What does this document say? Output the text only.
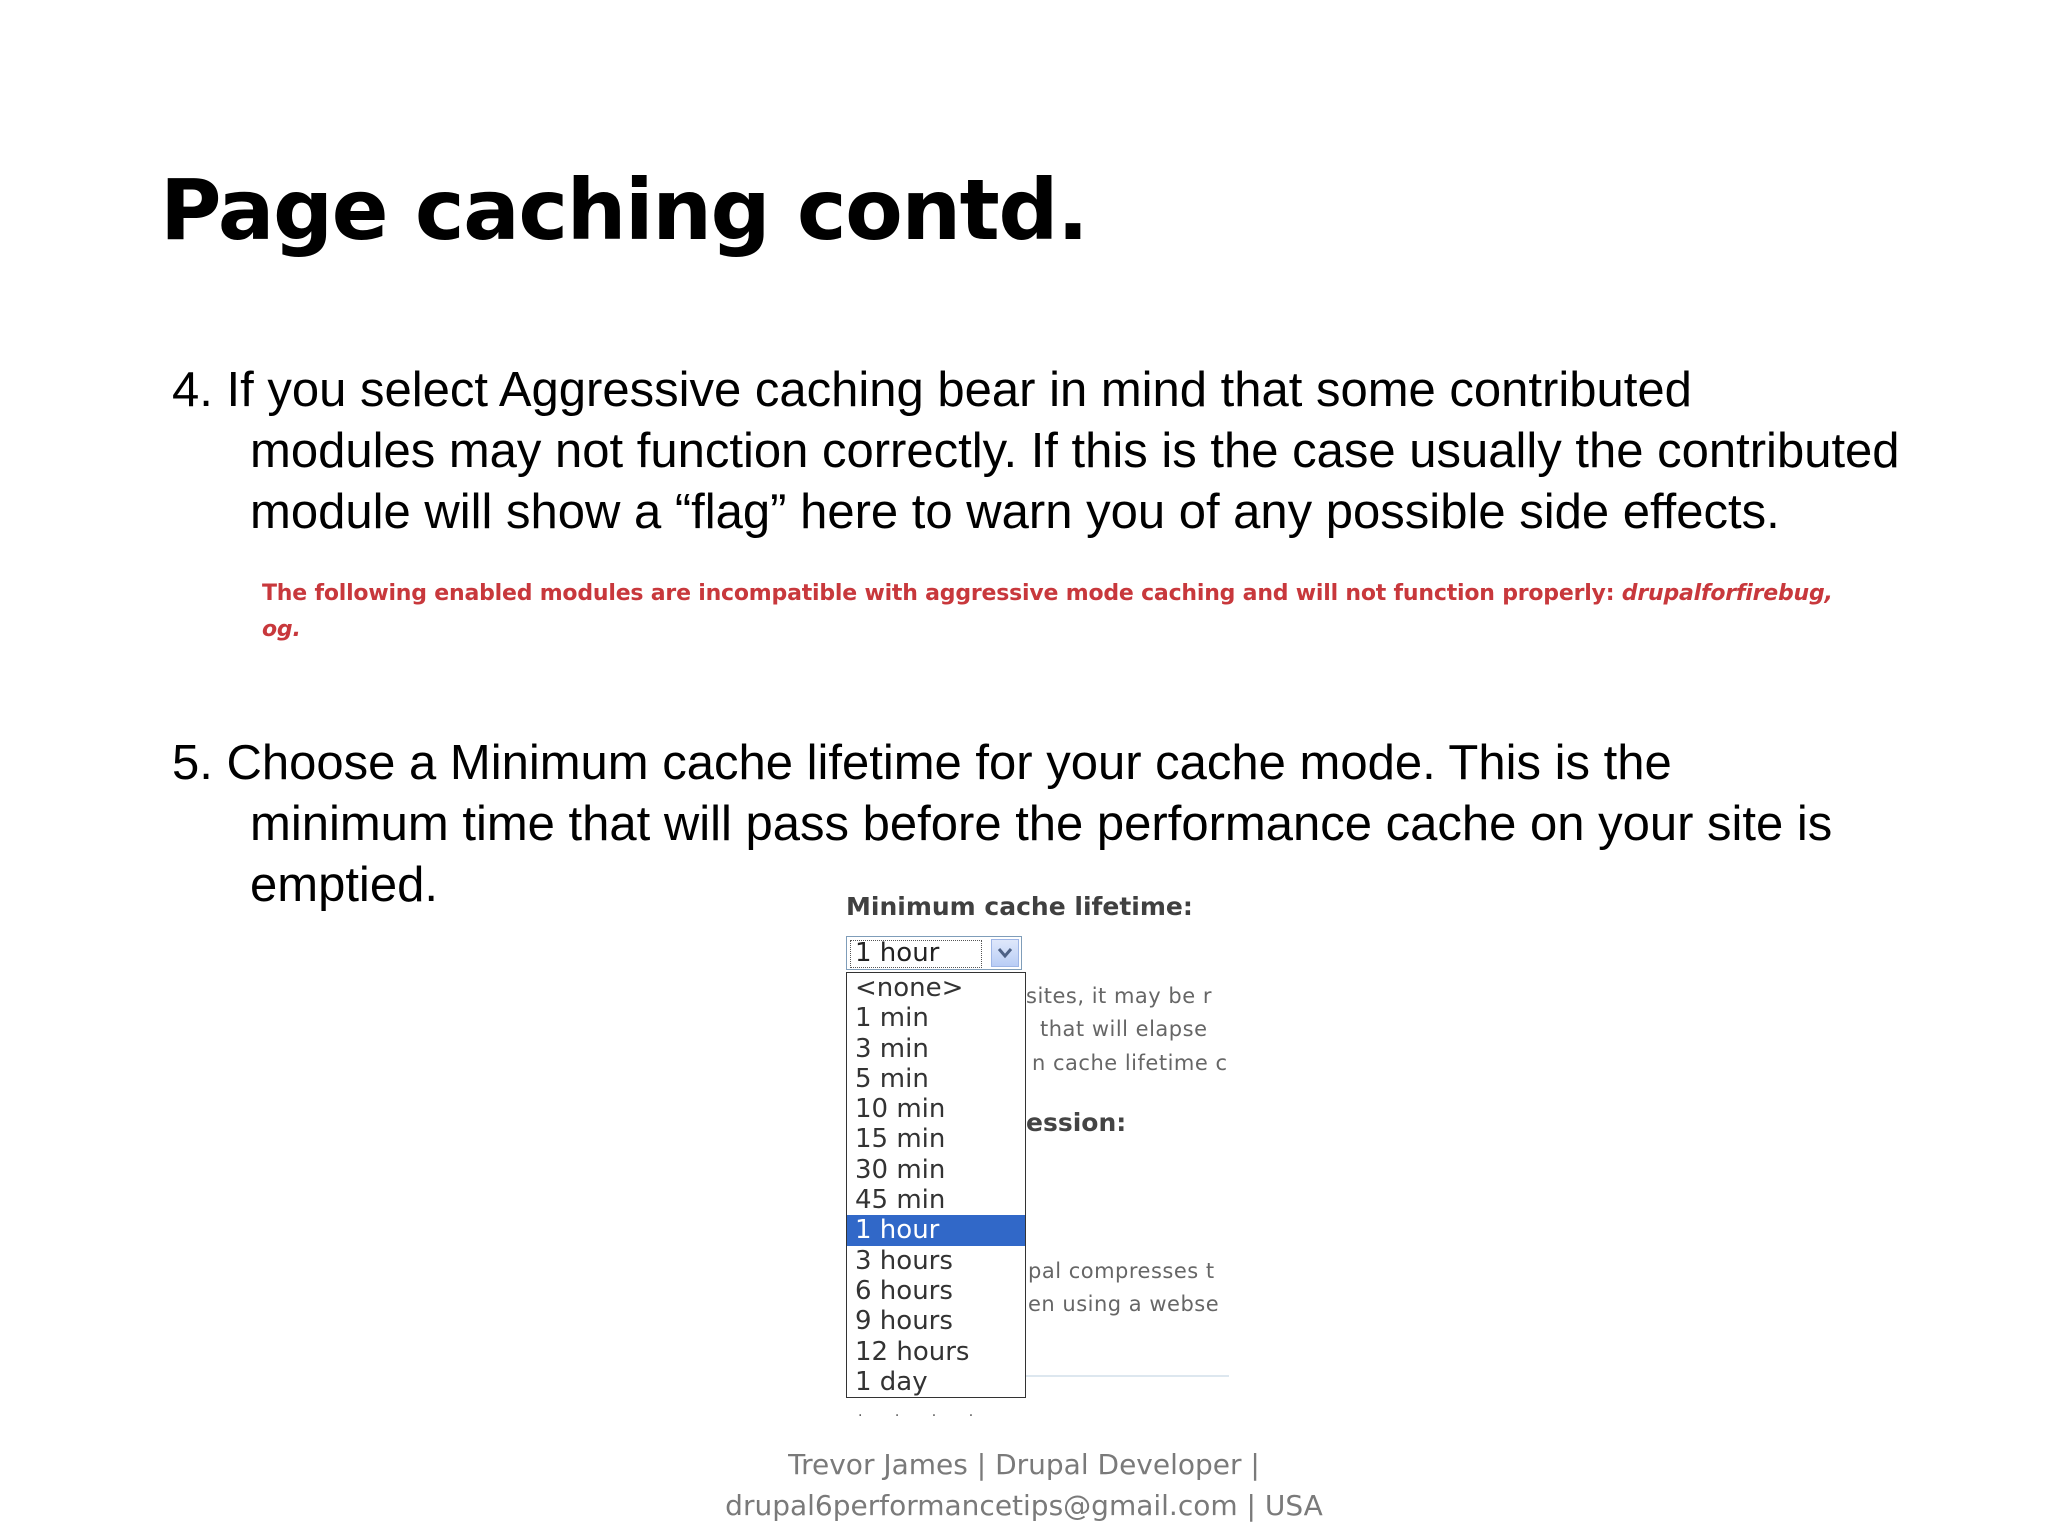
Page caching contd.
4. If you select Aggressive caching bear in mind that some contributed
modules may not function correctly. If this is the case usually the contributed
module will show a “flag” here to warn you of any possible side effects.
The following enabled modules are incompatible with aggressive mode caching and will not function properly: drupalforfirebug,
og.
5. Choose a Minimum cache lifetime for your cache mode. This is the
minimum time that will pass before the performance cache on your site is
emptied.	Minimum cache lifetime:
sites, it may be r
that will elapse
n cache lifetime c
ession:
pal compresses t
en using a webse
1 hour
<none>
1 min
3 min
5 min
10 min
15 min
30 min
45 min
1 hour
3 hours
6 hours
9 hours
12 hours
1 day
· · · ·
Trevor James | Drupal Developer |
drupal6performancetips@gmail.com | USA
